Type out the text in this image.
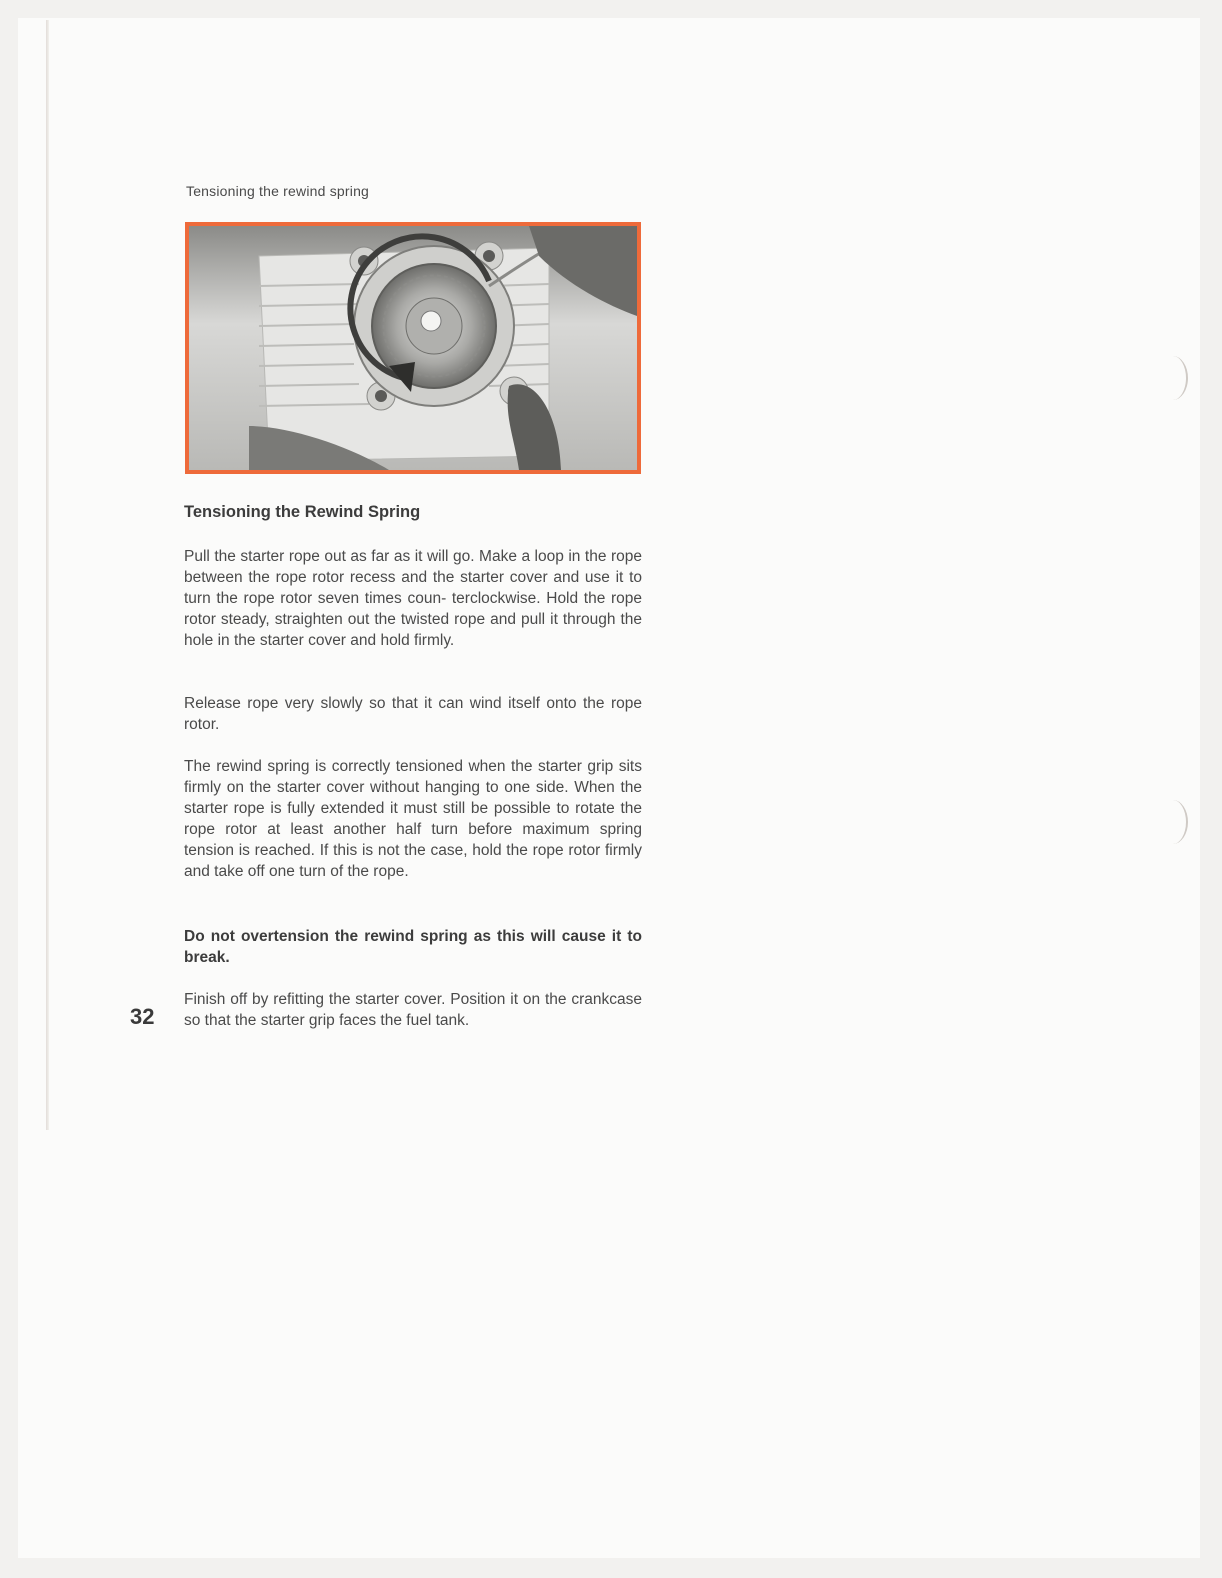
Tensioning the rewind spring
Tensioning the Rewind Spring

Pull the starter rope out as far as it will go. Make a loop in the rope between the rope rotor recess and the starter cover and use it to turn the rope rotor seven times coun- terclockwise. Hold the rope rotor steady, straighten out the twisted rope and pull it through the hole in the starter cover and hold firmly.

Release rope very slowly so that it can wind itself onto the rope rotor.

The rewind spring is correctly tensioned when the starter grip sits firmly on the starter cover without hanging to one side. When the starter rope is fully extended it must still be possible to rotate the rope rotor at least another half turn before maximum spring tension is reached. If this is not the case, hold the rope rotor firmly and take off one turn of the rope.

Do not overtension the rewind spring as this will cause it to break.

Finish off by refitting the starter cover. Position it on the crankcase so that the starter grip faces the fuel tank.

32
